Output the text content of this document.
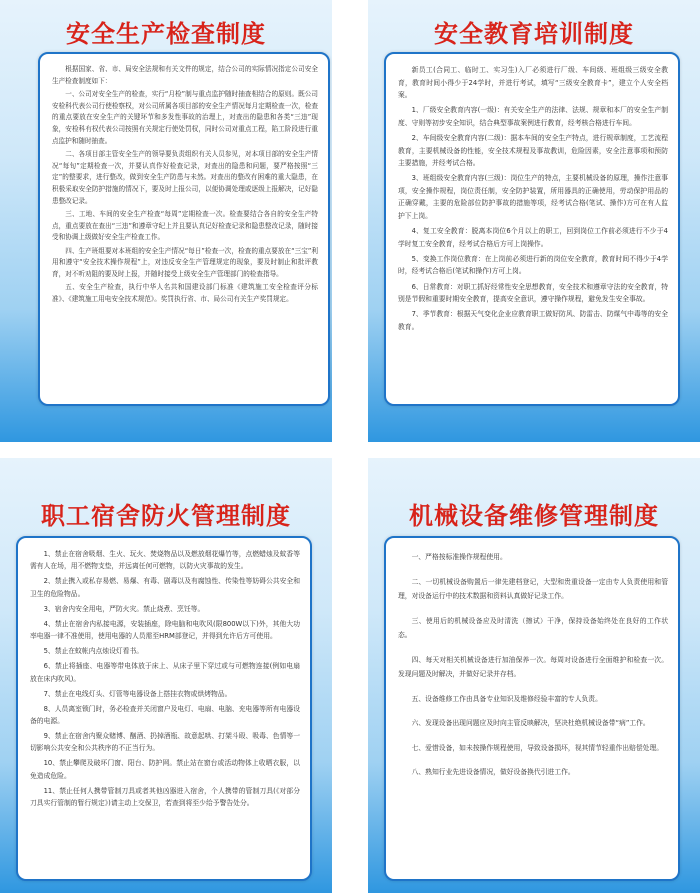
安全生产检查制度

根据国家、省、市、局安全法规和有关文件的规定，结合公司的实际情况指定公司安全生产检查制度如下：

一、公司对安全生产的检查，实行“月检”制与重点监护随时抽查相结合的原则。既公司安检科代表公司行使检察权，对公司所属各项目部的安全生产情况每月定期检查一次，检查的重点要放在安全生产的关键环节和多发性事故的治理上，对查出的隐患和各类“三违”现象，安检科有权代表公司按照有关规定行使处罚权，同时公司对重点工程，陷工阶段进行重点监护和随时抽查。

二、各项目部主管安全生产的领导要负责组织有关人员参见，对本项目部的安全生产情况“每旬”定期检查一次，并要认真作好检查记录，对查出的隐患和问题，要严格按照“三定”的整要求，进行整改，做到安全生产防患与未然。对查出的整改有困难的重大隐患，在积极采取安全防护措施的情况下，要及时上报公司，以便协调处理或逐级上报解决，记好隐患整改记录。

三、工地、车间的安全生产检查“每周”定期检查一次。检查要结合各自的安全生产特点，重点要放在查出“三违”和遵章守纪上并且要认真记好检查记录和隐患整改记录，随时接受和协调上级做好安全生产检查工作。

四、生产班组要对本班组的安全生产情况“每日”检查一次，检查的重点要放在“三宝”利用和遵守“安全技术操作规程”上，对违反安全生产管理规定的现象，要及时制止和批评教育，对不听劝阻的要及时上报，并随时接受上级安全生产管理部门的检查指导。

五、安全生产检查，执行中华人名共和国建设部门标准《建筑施工安全检查评分标准》、《建筑施工用电安全技术规范》。奖罚执行省、市、局公司有关生产奖罚规定。

安全教育培训制度

新员工(合同工、临时工、实习生)入厂必须进行厂级、车间级、班组级三级安全教育，教育时间小得少于24学时，并进行考试，填写“三级安全教育卡”，建立个人安全档案。

1、厂级安全教育内容(一级)：有关安全生产的法律、法规、规章和本厂的安全生产制度、守则等初步安全知识，结合典型事故案例进行教育，经考核合格进行车间。

2、车间级安全教育内容(二级)：据本车间的安全生产特点，进行规章制度，工艺流程教育，主要机械设备的性能，安全技术规程及事故教训，危险因素，安全注意事项和预防主要措施，并经考试合格。

3、班组级安全教育内容(三级)：岗位生产的特点，主要机械设备的原理，操作注意事项，安全操作规程，岗位责任制，安全防护装置，所用器具的正确使用，劳动保护用品的正确穿戴，主要的危险部位防护事故的措施等项，经考试合格(笔试、操作)方可在有人监护下上岗。

4、复工安全教育：脱离本岗位6个月以上的职工，回到岗位工作前必须进行不少于4学时复工安全教育，经考试合格后方可上岗操作。

5、变换工作岗位教育：在上岗前必须进行新的岗位安全教育，教育时间不得少于4学时，经考试合格后(笔试和操作)方可上岗。

6、日常教育：对职工抓好经常性安全思想教育，安全技术和遵章守法的安全教育，特别是节假和重要时期安全教育，提高安全意识，遵守操作规程，避免发生安全事故。

7、季节教育：根据天气变化企业应教育职工做好防风、防雷击、防煤气中毒等的安全教育。

职工宿舍防火管理制度

1、禁止在宿舍吸烟、生火、玩火、焚烧物品以及燃放烟花爆竹等，点燃蜡烛及蚊香等需有人在场，用不燃物支垫，并远离任何可燃物，以防火灾事故的发生。

2、禁止携入或私存易燃、易爆、有毒、剧毒以及有腐蚀性、传染性等妨碍公共安全和卫生的危险物品。

3、宿舍内安全用电，严防火灾。禁止烧煮、烹饪等。

4、禁止在宿舍内私接电源，安装插座，除电脑和电吹风(限800W以下)外，其他大功率电器一律不准使用，使用电器的人员需至HRM部登记，并得到允许后方可使用。

5、禁止在蚊帐内点烛设灯看书。

6、禁止将插座、电器等带电体放于床上、从床子里下穿过或与可燃物连接(例如电扇放在床内吹风)。

7、禁止在电线灯头、灯管等电器设备上搭挂衣物或烘烤物品。

8、人员离室锁门时，务必检查并关闭窗户及电灯、电扇、电脑、充电器等所有电器设备的电源。

9、禁止在宿舍内聚众赌博、酗酒、扔掉酒瓶、故意起哄、打架斗殴、吸毒、色情等一切影响公共安全和公共秩序的不正当行为。

10、禁止攀爬及破坏门窗、阳台、防护网。禁止站在窗台或活动物体上收晒衣服，以免造成危险。

11、禁止任何人携带管制刀具或者其他凶器进入宿舍，个人携带的管制刀具(《对部分刀具实行管制的暂行规定》)请主动上交保卫，若查到将至少给予警告处分。

机械设备维修管理制度

一、严格按标准操作规程使用。

二、一切机械设备购置后一律先建档登记，大型和贵重设备一定由专人负责使用和管理，对设备运行中的技术数据和资料认真做好记录工作。

三、使用后的机械设备应及时清洗（擦试）干净，保持设备始终处在良好的工作状态。

四、每天对相关机械设备进行加油保养一次。每周对设备进行全面维护和检查一次。发现问题及时解决，并做好记录并存档。

五、设备维修工作由具备专业知识及维修经验丰富的专人负责。

六、发现设备出现问题应及时向主管反映解决，坚决杜绝机械设备带“病”工作。

七、爱惜设备，如未按操作规程使用，导致设备损坏，视其情节轻重作出赔偿处理。

八、熟知行业先进设备情况，做好设备换代引进工作。
